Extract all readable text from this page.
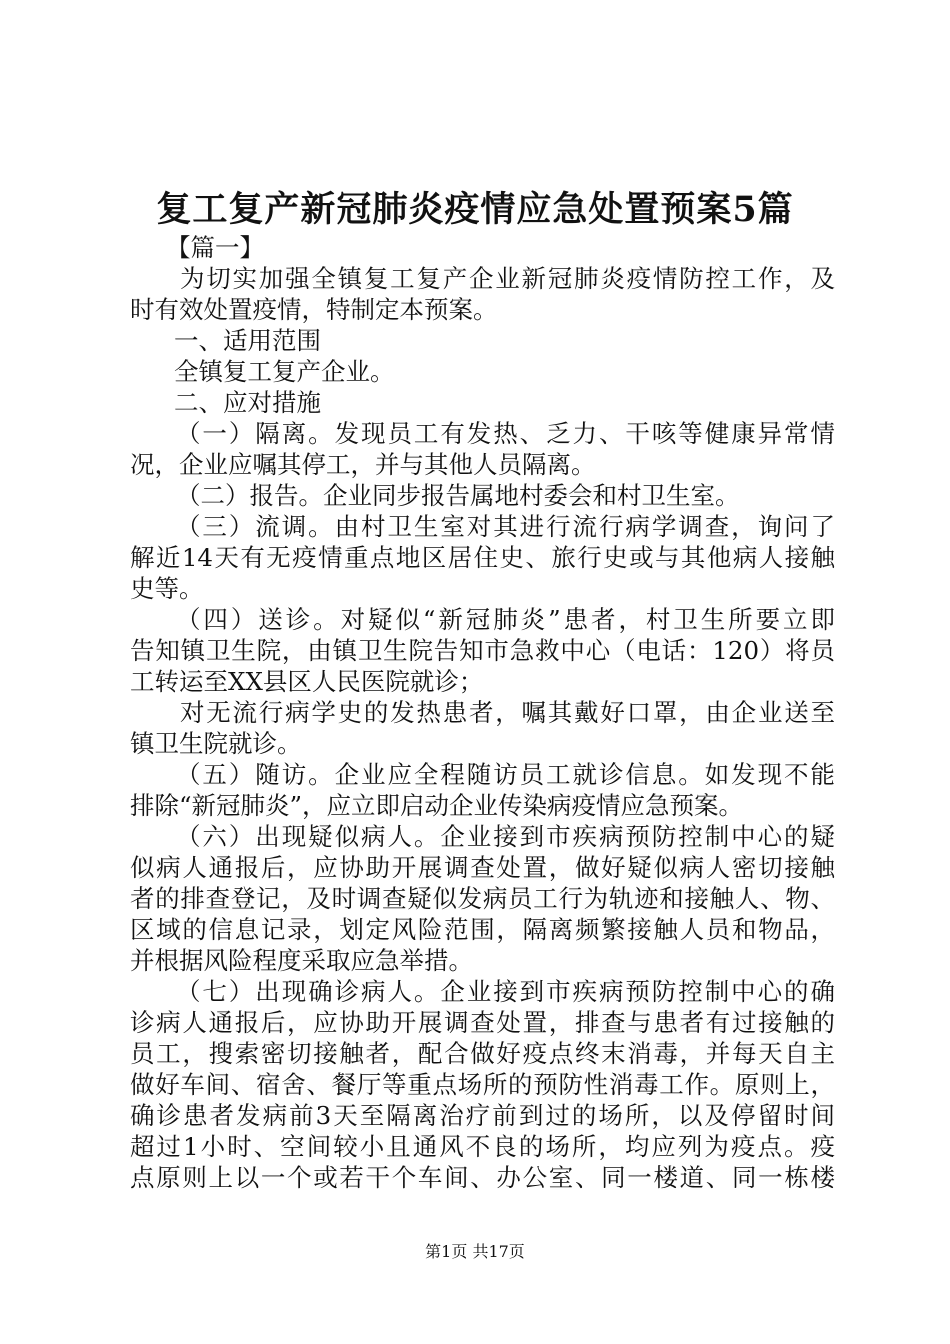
复工复产新冠肺炎疫情应急处置预案5篇
【篇一】
为切实加强全镇复工复产企业新冠肺炎疫情防控工作，及
时有效处置疫情，特制定本预案。
一、适用范围
全镇复工复产企业。
二、应对措施
（一）隔离。发现员工有发热、乏力、干咳等健康异常情
况，企业应嘱其停工，并与其他人员隔离。
（二）报告。企业同步报告属地村委会和村卫生室。
（三）流调。由村卫生室对其进行流行病学调查，询问了
解近14天有无疫情重点地区居住史、旅行史或与其他病人接触
史等。
（四）送诊。对疑似“新冠肺炎”患者，村卫生所要立即
告知镇卫生院，由镇卫生院告知市急救中心（电话：120）将员
工转运至XX县区人民医院就诊；
对无流行病学史的发热患者，嘱其戴好口罩，由企业送至
镇卫生院就诊。
（五）随访。企业应全程随访员工就诊信息。如发现不能
排除“新冠肺炎”，应立即启动企业传染病疫情应急预案。
（六）出现疑似病人。企业接到市疾病预防控制中心的疑
似病人通报后，应协助开展调查处置，做好疑似病人密切接触
者的排查登记，及时调查疑似发病员工行为轨迹和接触人、物、
区域的信息记录，划定风险范围，隔离频繁接触人员和物品，
并根据风险程度采取应急举措。
（七）出现确诊病人。企业接到市疾病预防控制中心的确
诊病人通报后，应协助开展调查处置，排查与患者有过接触的
员工，搜索密切接触者，配合做好疫点终末消毒，并每天自主
做好车间、宿舍、餐厅等重点场所的预防性消毒工作。原则上，
确诊患者发病前3天至隔离治疗前到过的场所，以及停留时间
超过1小时、空间较小且通风不良的场所，均应列为疫点。疫
点原则上以一个或若干个车间、办公室、同一楼道、同一栋楼
第1页 共17页
